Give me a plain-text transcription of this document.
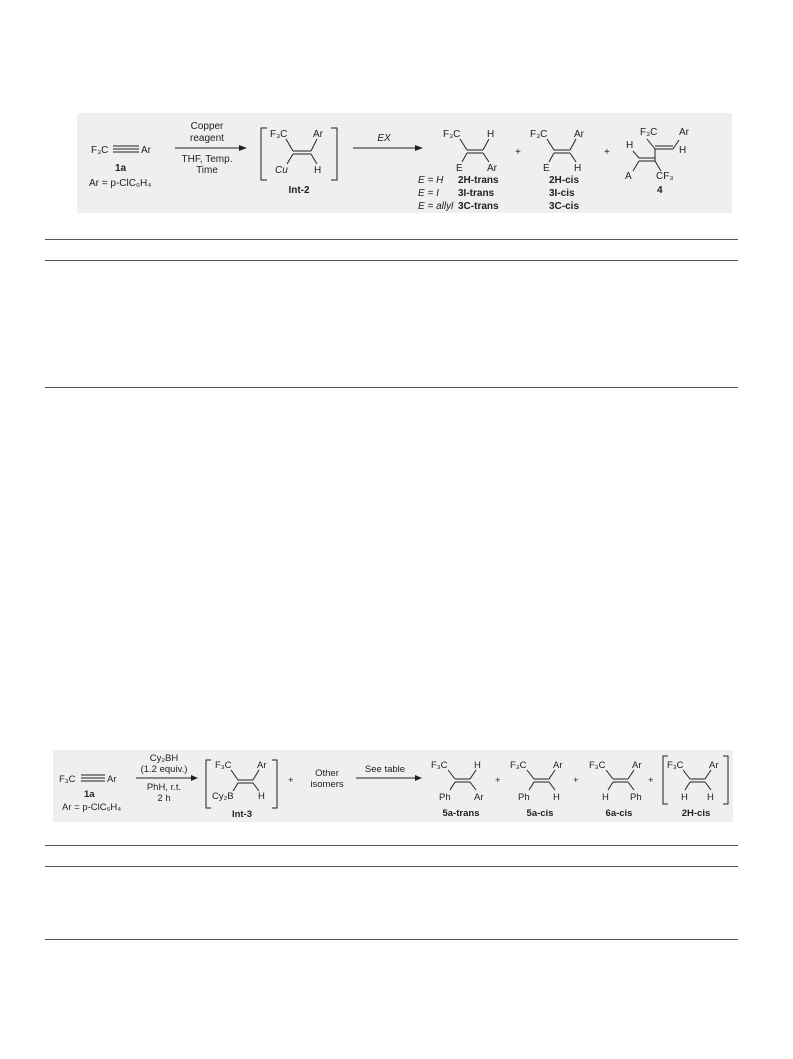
F₃C	Ar
1a
Ar = p-ClC₆H₄
Copper
reagent
THF, Temp.
Time
F₃C	Ar
Cu	H
Int-2
EX	F₃C	H
E Ar
+
F₃C	Ar
E H
+
F₃C Ar
H	H
A CF₃
4
E = H 2H-trans	2H-cis
E = I 3I-trans	3I-cis
E = allyl 3C-trans	3C-cis
F₃C	Ar
1a
Ar = p-ClC₆H₄
Cy₂BH
(1.2 equiv.)
PhH, r.t.
2 h
F₃C	Ar
Cy₂B	H
Int-3
+
Other
isomers
See table	F₃C	H
Ph Ar
5a-trans
+
F₃C	Ar
Ph H
5a-cis
+
F₃C	Ar
H Ph
6a-cis
+
F₃C	Ar
H H
2H-cis
